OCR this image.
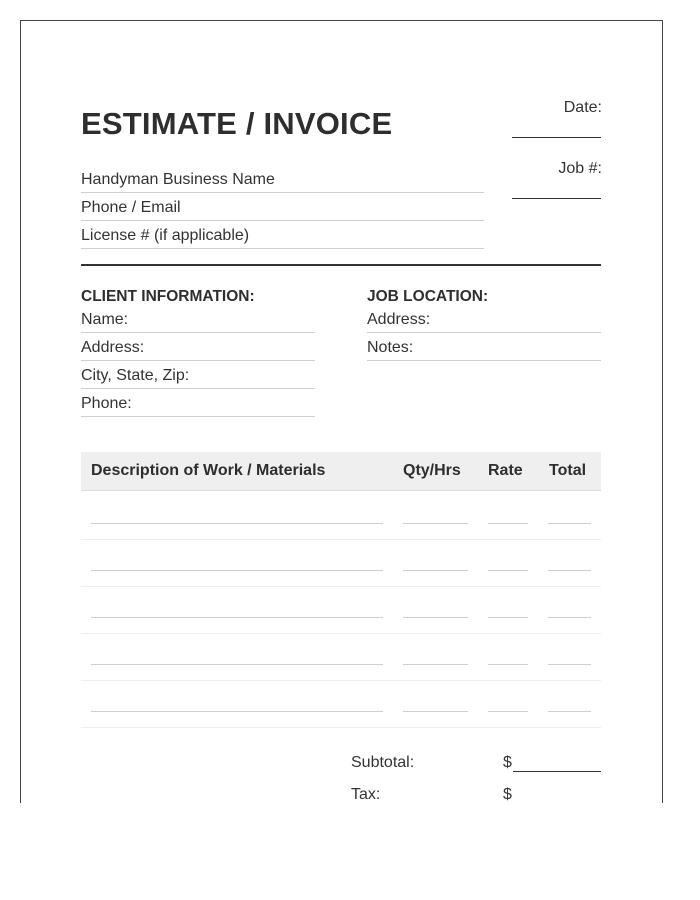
ESTIMATE / INVOICE	Date:
Job #:
Handyman Business Name
Phone / Email
License # (if applicable)
CLIENT INFORMATION:
Name:
Address:
City, State, Zip:
Phone:
JOB LOCATION:
Address:
Notes:
Description of Work / Materials	Qty/Hrs Rate Total
Subtotal:	$
Tax:	$
